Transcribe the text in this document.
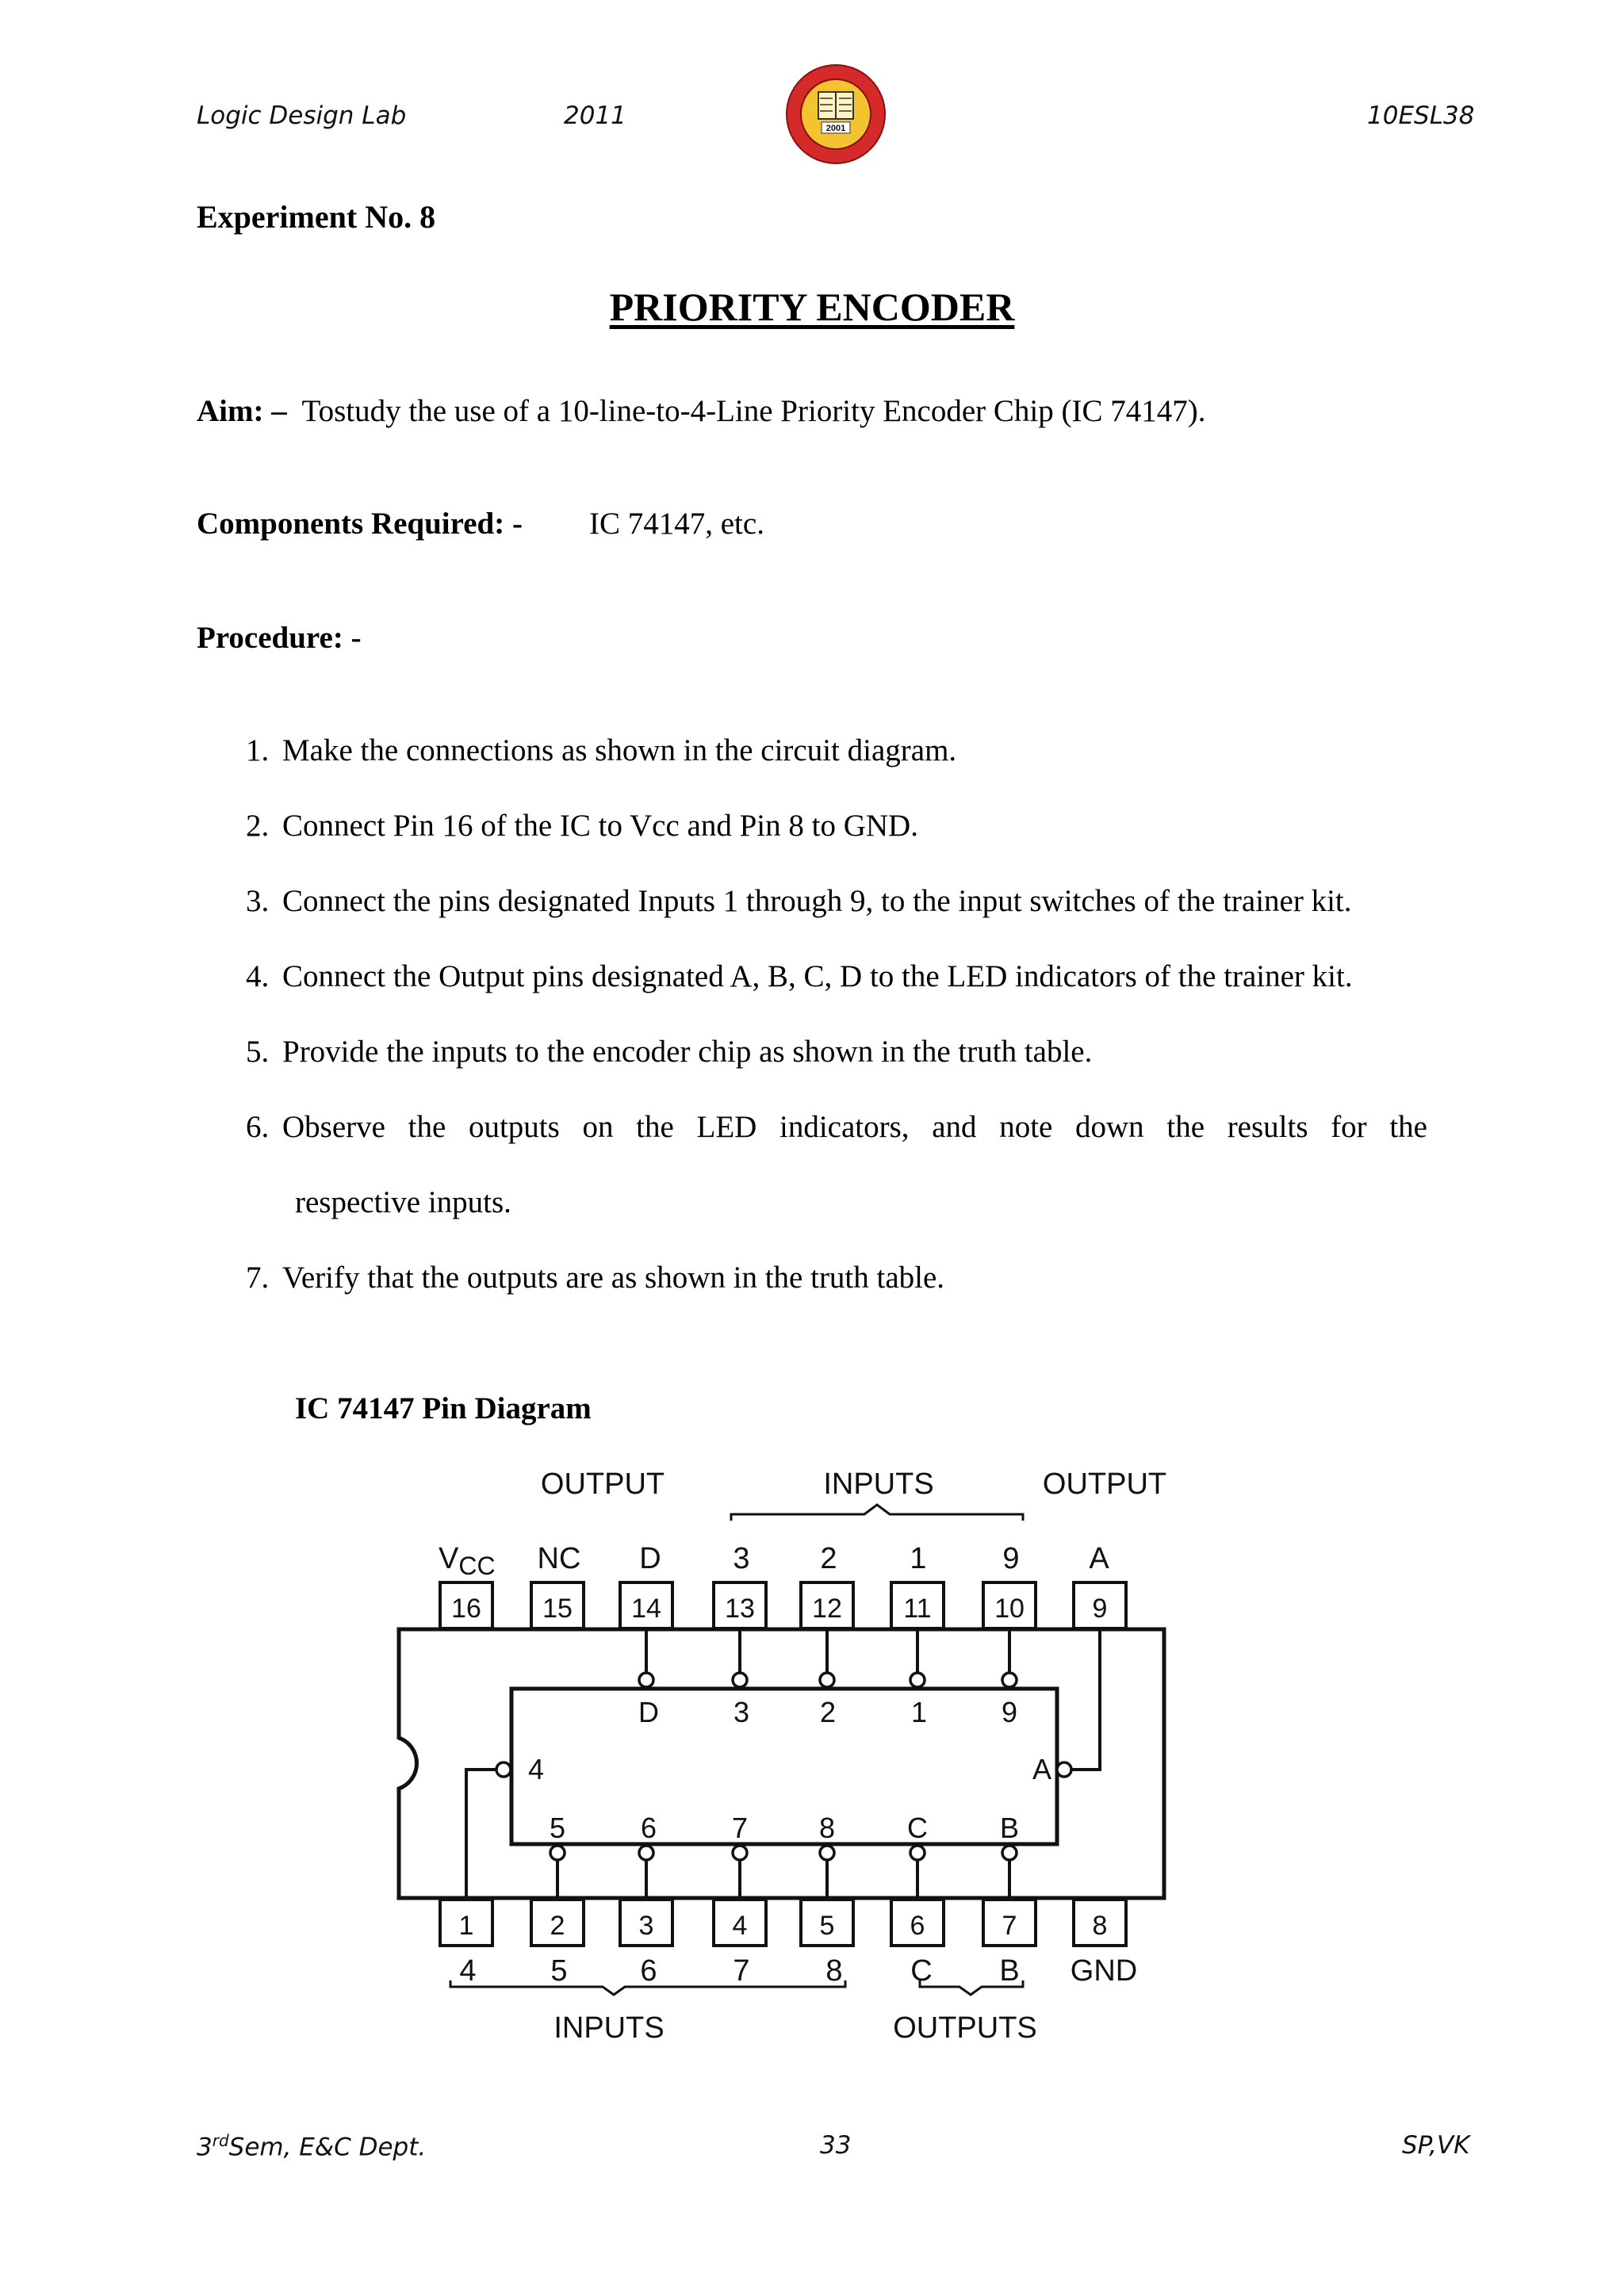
Logic Design Lab	2011	10ESL38
2001
Experiment No. 8
PRIORITY ENCODER
Aim: – Tostudy the use of a 10-line-to-4-Line Priority Encoder Chip (IC 74147).
Components Required: - IC 74147, etc.
Procedure: -
1. Make the connections as shown in the circuit diagram.
2. Connect Pin 16 of the IC to Vcc and Pin 8 to GND.
3. Connect the pins designated Inputs 1 through 9, to the input switches of the trainer kit.
4. Connect the Output pins designated A, B, C, D to the LED indicators of the trainer kit.
5. Provide the inputs to the encoder chip as shown in the truth table.
6. Observe the outputs on the LED indicators, and note down the results for the
respective inputs.
7. Verify that the outputs are as shown in the truth table.
IC 74147 Pin Diagram
OUTPUT	INPUTS	OUTPUT
$V_{CC}$ NC D 3 2 1	9 A
16 15 14 13 12 11 10	9
D	3 2	1	9
4	A
5	6	7 8	C	B
1	2	3	4	5	6	7	8
4 5 6	7	8 C B GND
INPUTS	OUTPUTS
3rdSem, E&C Dept.	33	SP,VK
